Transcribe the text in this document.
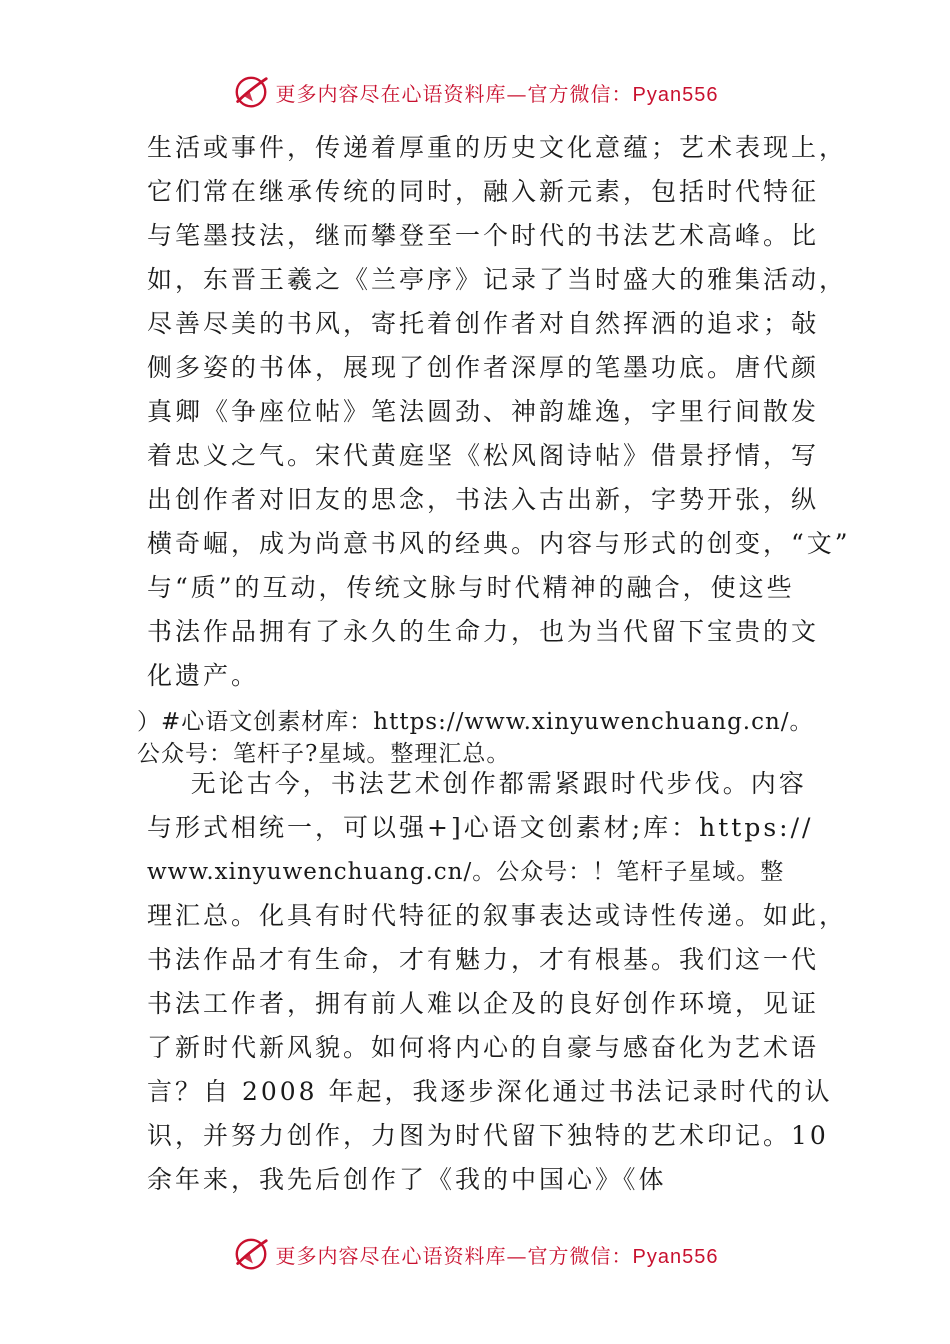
更多内容尽在心语资料库—官方微信：Pyan556
生活或事件，传递着厚重的历史文化意蕴；艺术表现上，
它们常在继承传统的同时，融入新元素，包括时代特征
与笔墨技法，继而攀登至一个时代的书法艺术高峰。比
如，东晋王羲之《兰亭序》记录了当时盛大的雅集活动，
尽善尽美的书风，寄托着创作者对自然挥洒的追求；敧
侧多姿的书体，展现了创作者深厚的笔墨功底。唐代颜
真卿《争座位帖》笔法圆劲、神韵雄逸，字里行间散发
着忠义之气。宋代黄庭坚《松风阁诗帖》借景抒情，写
出创作者对旧友的思念，书法入古出新，字势开张，纵
横奇崛，成为尚意书风的经典。内容与形式的创变，“文”
与“质”的互动，传统文脉与时代精神的融合，使这些
书法作品拥有了永久的生命力，也为当代留下宝贵的文
化遗产。
）#心语文创素材库：https://www.xinyuwenchuang.cn/。
公众号：笔杆子?星域。整理汇总。
无论古今，书法艺术创作都需紧跟时代步伐。内容
与形式相统一，可以强+]心语文创素材;库：https://
www.xinyuwenchuang.cn/。公众号：！笔杆子星域。整
理汇总。化具有时代特征的叙事表达或诗性传递。如此，
书法作品才有生命，才有魅力，才有根基。我们这一代
书法工作者，拥有前人难以企及的良好创作环境，见证
了新时代新风貌。如何将内心的自豪与感奋化为艺术语
言？自 2008 年起，我逐步深化通过书法记录时代的认
识，并努力创作，力图为时代留下独特的艺术印记。10
余年来，我先后创作了《我的中国心》《体
更多内容尽在心语资料库—官方微信：Pyan556
